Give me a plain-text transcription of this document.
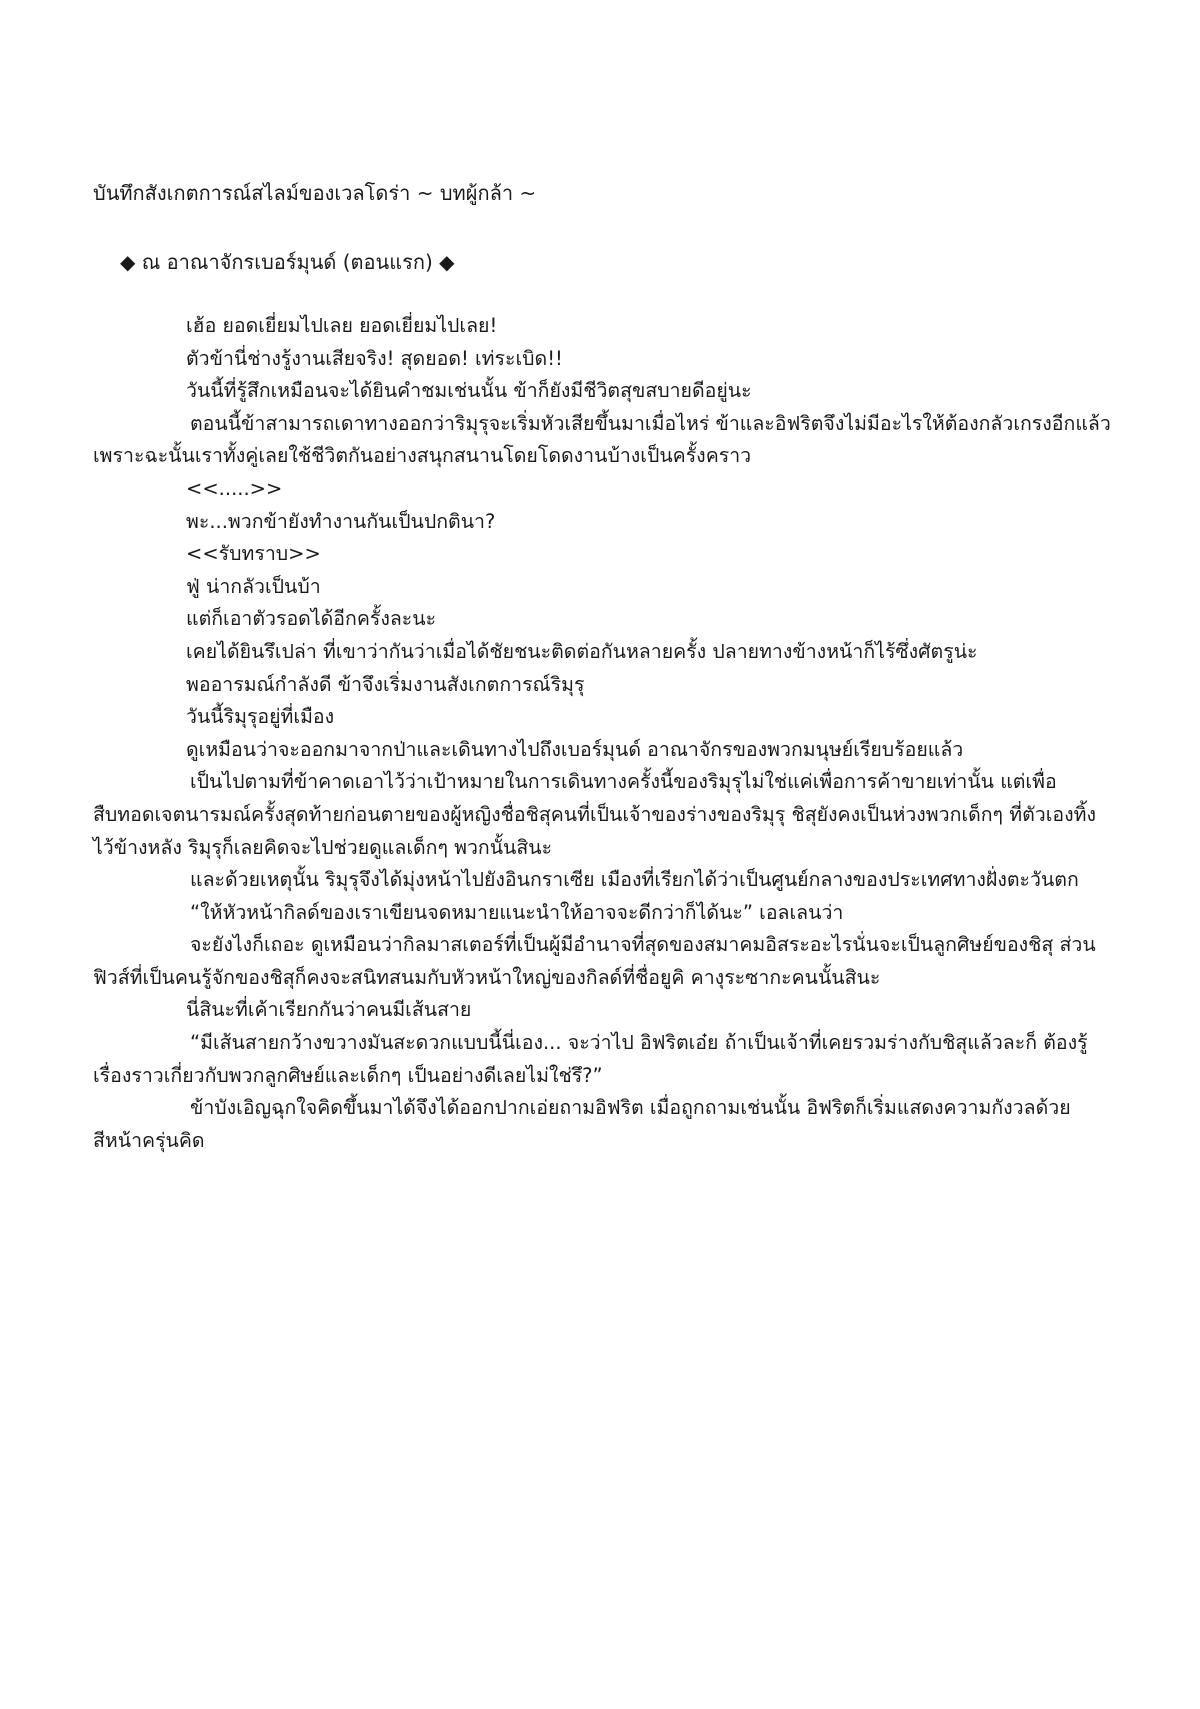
บันทึกสังเกตการณ์สไลม์ของเวลโดร่า ~ บทผู้กล้า ~
◆ ณ อาณาจักรเบอร์มุนด์ (ตอนแรก) ◆

เฮ้อ ยอดเยี่ยมไปเลย ยอดเยี่ยมไปเลย!

ตัวข้านี่ช่างรู้งานเสียจริง! สุดยอด! เท่ระเบิด!!

วันนี้ที่รู้สึกเหมือนจะได้ยินคำชมเช่นนั้น ข้าก็ยังมีชีวิตสุขสบายดีอยู่นะ

ตอนนี้ข้าสามารถเดาทางออกว่าริมุรุจะเริ่มหัวเสียขึ้นมาเมื่อไหร่ ข้าและอิฟริตจึงไม่มีอะไรให้ต้องกลัวเกรงอีกแล้วเพราะฉะนั้นเราทั้งคู่เลยใช้ชีวิตกันอย่างสนุกสนานโดยโดดงานบ้างเป็นครั้งคราว

<<.....>>

พะ...พวกข้ายังทำงานกันเป็นปกตินา?

<<รับทราบ>>

ฟู่ น่ากลัวเป็นบ้า

แต่ก็เอาตัวรอดได้อีกครั้งละนะ

เคยได้ยินรึเปล่า ที่เขาว่ากันว่าเมื่อได้ชัยชนะติดต่อกันหลายครั้ง ปลายทางข้างหน้าก็ไร้ซึ่งศัตรูน่ะ

พออารมณ์กำลังดี ข้าจึงเริ่มงานสังเกตการณ์ริมุรุ

วันนี้ริมุรุอยู่ที่เมือง

ดูเหมือนว่าจะออกมาจากป่าและเดินทางไปถึงเบอร์มุนด์ อาณาจักรของพวกมนุษย์เรียบร้อยแล้ว

เป็นไปตามที่ข้าคาดเอาไว้ว่าเป้าหมายในการเดินทางครั้งนี้ของริมุรุไม่ใช่แค่เพื่อการค้าขายเท่านั้น แต่เพื่อสืบทอดเจตนารมณ์ครั้งสุดท้ายก่อนตายของผู้หญิงชื่อชิสุคนที่เป็นเจ้าของร่างของริมุรุ ชิสุยังคงเป็นห่วงพวกเด็กๆ ที่ตัวเองทิ้งไว้ข้างหลัง ริมุรุก็เลยคิดจะไปช่วยดูแลเด็กๆ พวกนั้นสินะ

และด้วยเหตุนั้น ริมุรุจึงได้มุ่งหน้าไปยังอินกราเซีย เมืองที่เรียกได้ว่าเป็นศูนย์กลางของประเทศทางฝั่งตะวันตก

“ให้หัวหน้ากิลด์ของเราเขียนจดหมายแนะนำให้อาจจะดีกว่าก็ได้นะ” เอลเลนว่า

จะยังไงก็เถอะ ดูเหมือนว่ากิลมาสเตอร์ที่เป็นผู้มีอำนาจที่สุดของสมาคมอิสระอะไรนั่นจะเป็นลูกศิษย์ของชิสุ ส่วนฟิวส์ที่เป็นคนรู้จักของชิสุก็คงจะสนิทสนมกับหัวหน้าใหญ่ของกิลด์ที่ชื่อยูคิ คางุระซากะคนนั้นสินะ

นี่สินะที่เค้าเรียกกันว่าคนมีเส้นสาย

“มีเส้นสายกว้างขวางมันสะดวกแบบนี้นี่เอง... จะว่าไป อิฟริตเอ๋ย ถ้าเป็นเจ้าที่เคยรวมร่างกับชิสุแล้วละก็ ต้องรู้เรื่องราวเกี่ยวกับพวกลูกศิษย์และเด็กๆ เป็นอย่างดีเลยไม่ใช่รึ?”

ข้าบังเอิญฉุกใจคิดขึ้นมาได้จึงได้ออกปากเอ่ยถามอิฟริต เมื่อถูกถามเช่นนั้น อิฟริตก็เริ่มแสดงความกังวลด้วยสีหน้าครุ่นคิด
